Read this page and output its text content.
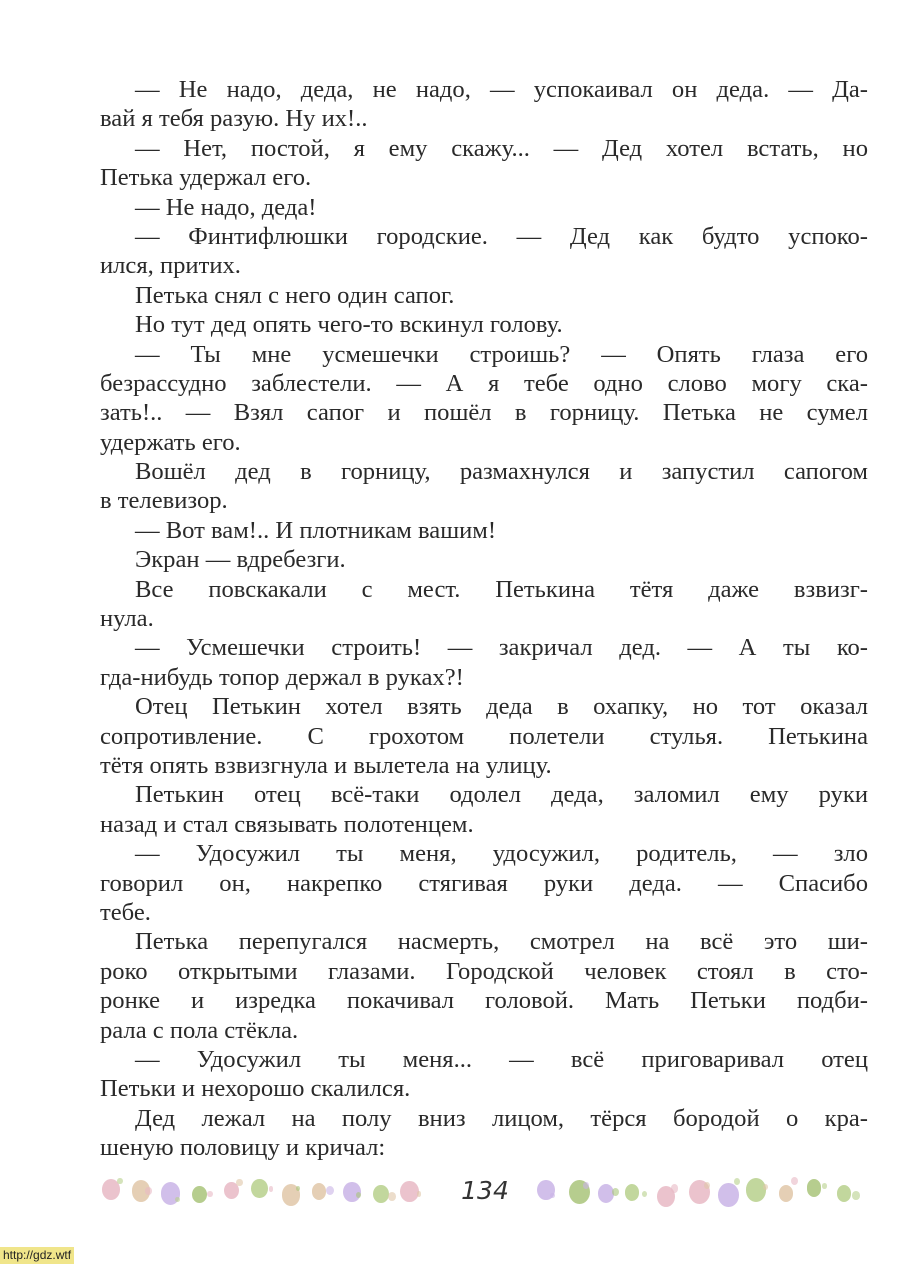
— Не надо, деда, не надо, — успокаивал он деда. — Да-
вай я тебя разую. Ну их!..
— Нет, постой, я ему скажу... — Дед хотел встать, но
Петька удержал его.
— Не надо, деда!
— Финтифлюшки городские. — Дед как будто успоко-
ился, притих.
Петька снял с него один сапог.
Но тут дед опять чего-то вскинул голову.
— Ты мне усмешечки строишь? — Опять глаза его
безрассудно заблестели. — А я тебе одно слово могу ска-
зать!.. — Взял сапог и пошёл в горницу. Петька не сумел
удержать его.
Вошёл дед в горницу, размахнулся и запустил сапогом
в телевизор.
— Вот вам!.. И плотникам вашим!
Экран — вдребезги.
Все повскакали с мест. Петькина тётя даже взвизг-
нула.
— Усмешечки строить! — закричал дед. — А ты ко-
гда-нибудь топор держал в руках?!
Отец Петькин хотел взять деда в охапку, но тот оказал
сопротивление. С грохотом полетели стулья. Петькина
тётя опять взвизгнула и вылетела на улицу.
Петькин отец всё-таки одолел деда, заломил ему руки
назад и стал связывать полотенцем.
— Удосужил ты меня, удосужил, родитель, — зло
говорил он, накрепко стягивая руки деда. — Спасибо
тебе.
Петька перепугался насмерть, смотрел на всё это ши-
роко открытыми глазами. Городской человек стоял в сто-
ронке и изредка покачивал головой. Мать Петьки подби-
рала с пола стёкла.
— Удосужил ты меня... — всё приговаривал отец
Петьки и нехорошо скалился.
Дед лежал на полу вниз лицом, тёрся бородой о кра-
шеную половицу и кричал:
134
http://gdz.wtf
